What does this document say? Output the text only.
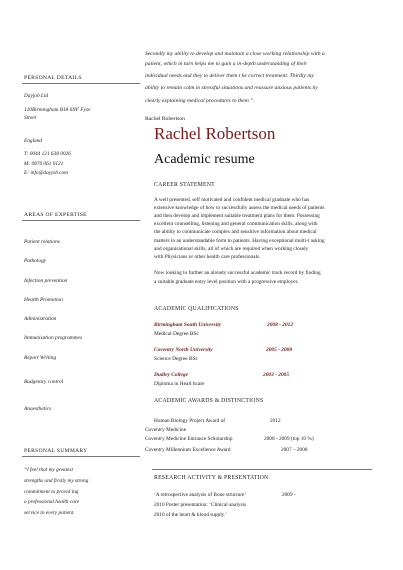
PERSONAL DETAILS
Dayjob Ltd
120Birmingham B18 6NF Fyse
Street
England
T: 0044 121 638 0026
M: 0870 061 0121
E: info@dayjob.com
AREAS OF EXPERTISE
Patient relations
Pathology
Infection prevention
Health Promotion
Administration
Immunisation programmes
Report Writing
Budgetary control
Anaesthetics
PERSONAL SUMMARY
“I feel that my greatest
strengths and firstly my strong
commitment to provid ing
a professional health care
service to every patient.
Secondly my ability to develop and maintain a close working relationship with a
patient, which in turn helps me to gain a in-depth understanding of their
individual needs and they to deliver them t he correct treatment. Thirdly my
ability to remain calm in stressful situations and reassure anxious patients by
clearly explaining medical procedures to them ”.
Rachel Robertson
Rachel Robertson
Academic resume
CAREER STATEMENT
A well presented, self motivated and confident medical graduate who has
extensive knowledge of how to successfully assess the medical needs of patients
and then develop and implement suitable treatment plans for them. Possessing
excellent counselling, listening and general communication skills, along with
the ability to communicate complex and sensitive information about medical
matters in an understandable form to patients. Having exceptional multi-t asking
and organisational skills, all of which are required when working closely
with Physicians or other health care professionals.
Now looking to further an already successful academic track record by finding
a suitable graduate entry level position with a progressive employer.
ACADEMIC QUALIFICATIONS
Birmingham South University	2008 - 2012
Medical Degree BSc
Coventry North University	2005 - 2008
Science Degree BSc
Dudley College	2003 - 2005
Diploma in Healt hcare
ACADEMIC AWARDS & DISTINCTIONS
Human Biology Project Award of	2012
Coventry Medicine
Coventry Medicine Entrance Scholarship	2008 - 2009 (top 10 %)
Coventry Millennium Excellence Award	2007 – 2008
RESEARCH ACTIVITY & PRESENTATION
‘A retrospective analysis of Bone structure’	2009 -
2010 Poster presentation: ‘Clinical analysis
2010 of the heart & blood supply.’
